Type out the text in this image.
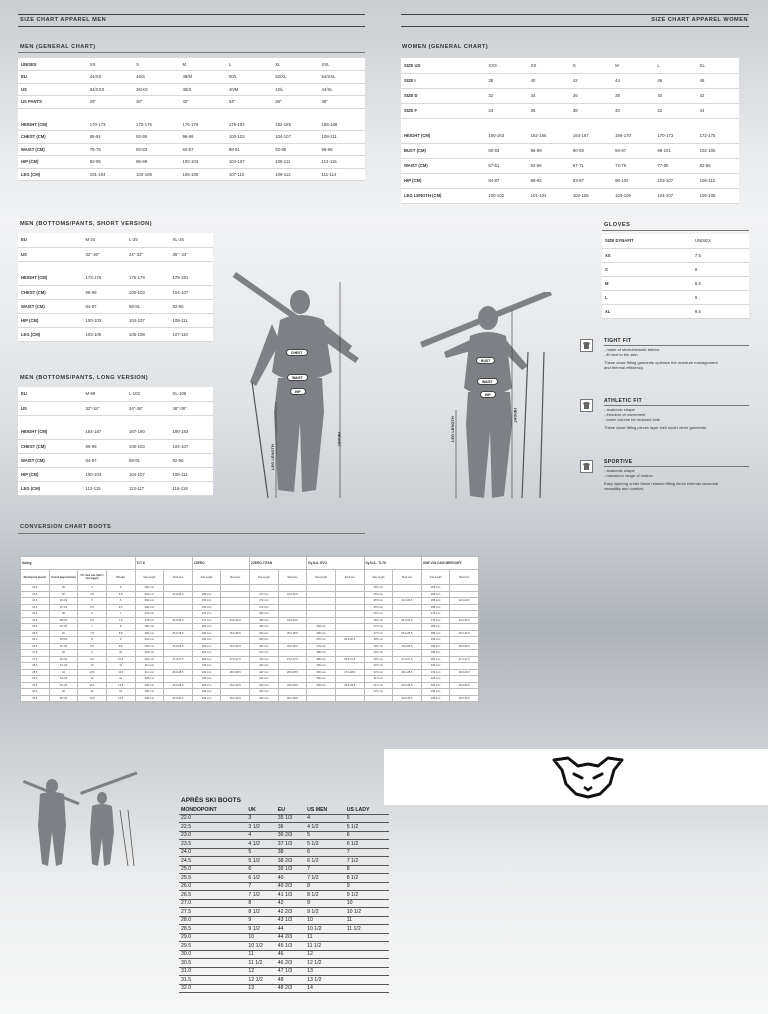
SIZE CHART APPAREL MEN	SIZE CHART APPAREL WOMEN
MEN (GENERAL CHART)
UNISEX	XS	S	M	L	XL	XXL
EU	44/XS	46/S	48/M	50/L	52/XL	54/XXL
US	34/XXS	36/XS	38/S	40/M	42/L	44/XL
US PANTS	28"	30"	32"	34"	36"	38"

HEIGHT (CM)	170-173	173-176	176-179	179-182	182-185	185-188
CHEST (CM)	88-91	92-95	96-99	100-103	104-107	108-111
WAIST (CM)	76-79	80-83	84-87	88-91	92-95	96-99
HIP (CM)	92-95	96-99	100-103	104-107	108-111	112-115
LEG (CM)	101-104	103-106	105-108	107-110	109-112	111-114
WOMEN (GENERAL CHART)
SIZE US	XXS	XS	S	M	L	XL
SIZE I	38	40	42	44	46	48
SIZE D	32	34	36	38	40	42
SIZE F	34	36	38	40	42	44

HEIGHT (CM)	160-163	162-165	164-167	166-170	170-173	172-175
BUST (CM)	80-83	86-89	90-93	94-97	98-101	102-105
WAIST (CM)	57-61	62-66	67-71	72-75	77-80	82-86
HIP (CM)	84-87	88-92	93-97	98-102	103-107	108-112
LEG LENGTH (CM)	100-102	101-104	102-105	103-106	104-107	105-108
MEN (BOTTOMS/PANTS, SHORT VERSION)
EU	M-24	L-25	XL-26
US	32"-30"	34"-32"	36"- 34"

HEIGHT (CM)	173-176	176-179	179-181
CHEST (CM)	96-99	100-103	104-107
WAIST (CM)	84-87	88-91	92-95
HIP (CM)	100-103	104-107	108-111
LEG (CM)	103-106	105-108	107-110
MEN (BOTTOMS/PANTS, LONG VERSION)
EU	M-98	L-102	XL-106
US	32"-34"	34"-36"	36"-38"

HEIGHT (CM)	184-187	187-190	190-193
CHEST (CM)	96-99	100-103	104-107
WAIST (CM)	84-87	89-91	92-95
HIP (CM)	100-103	104-107	108-111
LEG (CM)	112-115	113-117	116-119
GLOVES
SIZE DYNAFIT	UNISEX
XS	7,5
S	8
M	8,5
L	9
XL	9,5
TIGHT FIT
- made of stretch/elastic fabrics
- fit next to the skin
These close fitting garments optimize the moisture management
and thermal efficiency.
ATHLETIC FIT
- anatomic shape
- freedom of movement
- lower volume for reduced bulk
These close fitting pieces layer well under other garments.
SPORTIVE
- anatomic shape
- maximum range of motion
Easy layering under these relaxed fitting items extends seasonal
versatility and comfort.
HEIGHT
LEG LENGTH
CHEST
WAIST
HIP
HEIGHT
LEG LENGTH
BUST
WAIST
HIP
CONVERSION CHART BOOTS
Sizing				TLT 6		ZZERO		ZZERO-TITAN		Dy.N.A. EVO		Dy.N.A - TLT6		ONE VULCAN/ MERCURY	
Mondopoint (insert)	French (approximate)	UK shoe size (with 1 size bigger)	US size	Sole length	Shell size	Sole length	Shell size	Sole length	Shell size	Sole length	Shell size	Sole length	Shell size	Sole length	Shell size
22,0	35	4	5	262 mm								257 mm		268 mm	
22,5	36	4,5	5,5	262 mm	22,0-22,5	266 mm		272 mm	22,0-22,5			257 mm		268 mm	
23,0	36 2/3	5	6	262 mm		266 mm		272 mm				257 mm	22,0-23,5	268 mm	22,0-23,5
23,5	37 1/3	5,5	6,5	262 mm		266 mm		272 mm				257 mm		268 mm	
24,0	38	6	7	273 mm		274 mm		282 mm				267 mm		279 mm	
24,5	38 2/3	6,5	7,5	273 mm	24,0-24,5	274 mm	24,0-24,5	282 mm	24,0-24,5			267 mm	24,0-24,5	279 mm	24,0-24,5
25,0	39 1/3	7	8	282 mm		284 mm		292 mm		269 mm		277 mm		289 mm	
25,5	40	7,5	8,5	282 mm	25,0-25,5	284 mm	25,0-25,5	292 mm	25,0-25,5	269 mm		277 mm	25,0-25,5	289 mm	25,0-25,5
26,0	40 2/3	8	9	291 mm		294 mm		302 mm		279 mm	26,0-26,5	287 mm		299 mm	
26,5	41 1/3	8,5	9,5	291 mm	26,0-26,5	294 mm	26,0-26,5	302 mm	26,0-26,5	279 mm		287 mm	26,0-26,5	299 mm	26,0-26,5
27,0	42	9	10	301 mm		303 mm		312 mm		289 mm		297 mm		309 mm	
27,5	42 2/3	9,5	10,5	301 mm	27,0-27,5	303 mm	27,0-27,5	312 mm	27,0-27,5	289 mm	26,5-27,5	297 mm	27,0-27,5	309 mm	27,0-27,5
28,0	43 1/3	10	11	311 mm		316 mm		322 mm		299 mm		307 mm		319 mm	
28,5	44	10,5	11,5	311 mm	28,0-28,5	316 mm	28,0-28,5	322 mm	28,0-28,5	299 mm	27,0-28,0	307 mm	28,0-28,5	319 mm	28,0-28,5
29,0	44 2/3	11	12	320 mm		326 mm		332 mm		309 mm		317 mm		329 mm	
29,5	45 1/3	11,5	12,5	320 mm	29,0-29,5	326 mm	29,0-29,5	332 mm	29,0-29,5	309 mm	28,5-29,5	317 mm	29,0-29,5	329 mm	29,0-29,5
30,0	46	12	13	330 mm		336 mm		342 mm				327 mm		339 mm	
30,5	46 2/3	12,5	13,5	330 mm	30,0-30,5	336 mm	30,0-30,5	342 mm	30,0-30,5				30,0-30,5	339 mm	30,0-30,5
APRÈS SKI BOOTS
MONDOPOINT	UK	EU	US MEN	US LADY
22.0	3	35 1/3	4	5
22.5	3 1/2	36	4 1/2	5 1/2
23.0	4	36 2/3	5	6
23.5	4 1/2	37 1/3	5 1/2	6 1/2
24.0	5	38	6	7
24.5	5 1/2	38 2/3	6 1/2	7 1/2
25.0	6	39 1/3	7	8
25.5	6 1/2	40	7 1/2	8 1/2
26.0	7	40 2/3	8	9
26.5	7 1/2	41 1/3	8 1/2	9 1/2
27.0	8	42	9	10
27.5	8 1/2	42 2/3	9 1/2	10 1/2
28.0	9	43 1/3	10	11
28.5	9 1/2	44	10 1/2	11 1/2
29.0	10	44 2/3	11	
29.5	10 1/2	45 1/3	11 1/2	
30.0	11	46	12	
30.5	11 1/2	46 2/3	12 1/2	
31.0	12	47 1/3	13	
31.5	12 1/2	48	13 1/2	
32.0	13	48 2/3	14	
